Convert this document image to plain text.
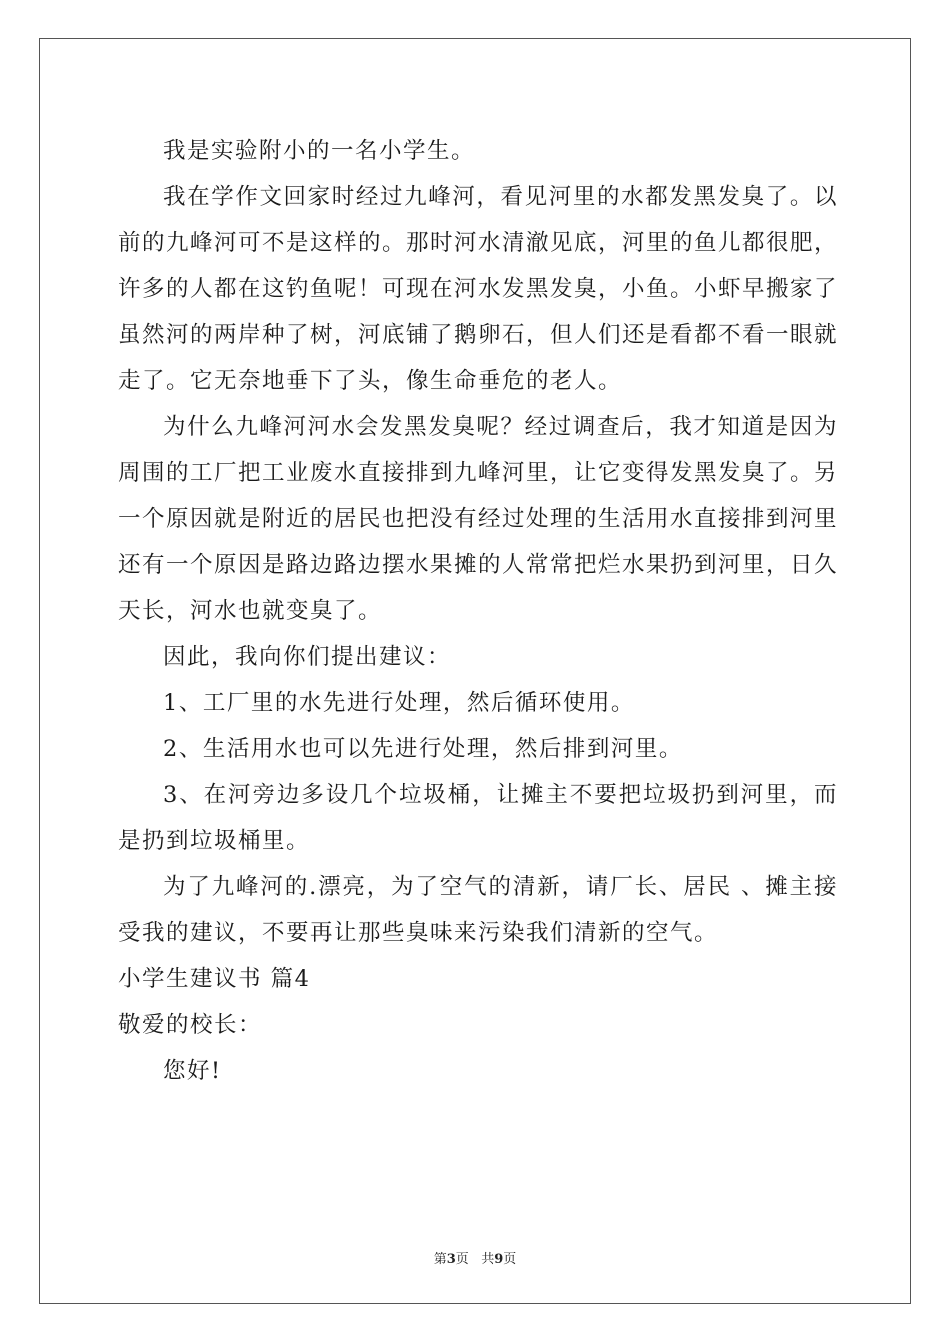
我是实验附小的一名小学生。

我在学作文回家时经过九峰河，看见河里的水都发黑发臭了。以前的九峰河可不是这样的。那时河水清澈见底，河里的鱼儿都很肥，许多的人都在这钓鱼呢！可现在河水发黑发臭，小鱼。小虾早搬家了虽然河的两岸种了树，河底铺了鹅卵石，但人们还是看都不看一眼就走了。它无奈地垂下了头，像生命垂危的老人。

为什么九峰河河水会发黑发臭呢？经过调查后，我才知道是因为周围的工厂把工业废水直接排到九峰河里，让它变得发黑发臭了。另一个原因就是附近的居民也把没有经过处理的生活用水直接排到河里还有一个原因是路边路边摆水果摊的人常常把烂水果扔到河里，日久天长，河水也就变臭了。

因此，我向你们提出建议：

1、工厂里的水先进行处理，然后循环使用。

2、生活用水也可以先进行处理，然后排到河里。

3、在河旁边多设几个垃圾桶，让摊主不要把垃圾扔到河里，而是扔到垃圾桶里。

为了九峰河的.漂亮，为了空气的清新，请厂长、居民 、摊主接受我的建议，不要再让那些臭味来污染我们清新的空气。

小学生建议书 篇4

敬爱的校长：

您好!

第3页   共9页
